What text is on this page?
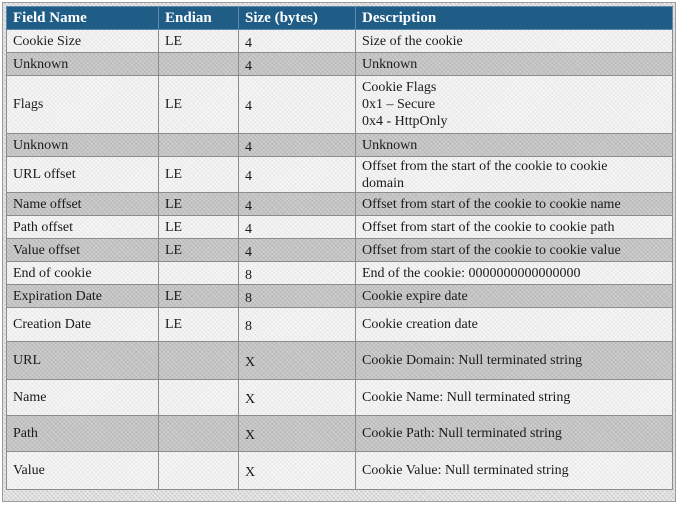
Field Name	Endian	Size (bytes)	Description
Cookie Size	LE	4	Size of the cookie

Unknown		4	Unknown

Flags	LE	4	Cookie Flags
0x1 – Secure
0x4 - HttpOnly

Unknown		4	Unknown

URL offset	LE	4	Offset from the start of the cookie to cookie
domain

Name offset	LE	4	Offset from start of the cookie to cookie name

Path offset	LE	4	Offset from start of the cookie to cookie path

Value offset	LE	4	Offset from start of the cookie to cookie value

End of cookie		8	End of the cookie: 0000000000000000

Expiration Date	LE	8	Cookie expire date

Creation Date	LE	8	Cookie creation date

URL		X	Cookie Domain: Null terminated string

Name		X	Cookie Name: Null terminated string

Path		X	Cookie Path: Null terminated string

Value		X	Cookie Value: Null terminated string
